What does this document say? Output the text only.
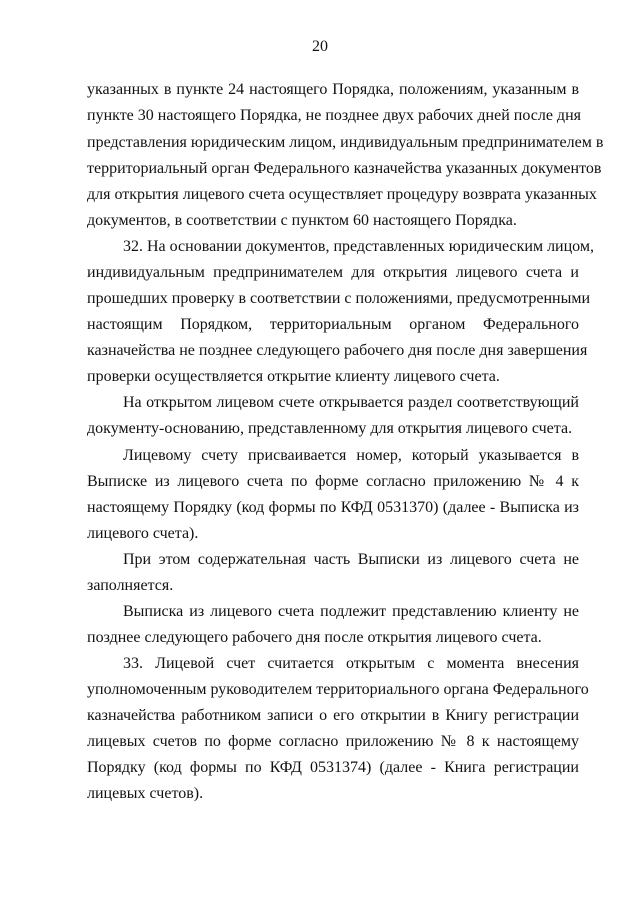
20
указанных в пункте 24 настоящего Порядка, положениям, указанным в
пункте 30 настоящего Порядка, не позднее двух рабочих дней после дня
представления юридическим лицом, индивидуальным предпринимателем в
территориальный орган Федерального казначейства указанных документов
для открытия лицевого счета осуществляет процедуру возврата указанных
документов, в соответствии с пунктом 60 настоящего Порядка.
32. На основании документов, представленных юридическим лицом,
индивидуальным предпринимателем для открытия лицевого счета и
прошедших проверку в соответствии с положениями, предусмотренными
настоящим Порядком, территориальным органом Федерального
казначейства не позднее следующего рабочего дня после дня завершения
проверки осуществляется открытие клиенту лицевого счета.
На открытом лицевом счете открывается раздел соответствующий
документу-основанию, представленному для открытия лицевого счета.
Лицевому счету присваивается номер, который указывается в
Выписке из лицевого счета по форме согласно приложению № 4 к
настоящему Порядку (код формы по КФД 0531370) (далее - Выписка из
лицевого счета).
При этом содержательная часть Выписки из лицевого счета не
заполняется.
Выписка из лицевого счета подлежит представлению клиенту не
позднее следующего рабочего дня после открытия лицевого счета.
33. Лицевой счет считается открытым с момента внесения
уполномоченным руководителем территориального органа Федерального
казначейства работником записи о его открытии в Книгу регистрации
лицевых счетов по форме согласно приложению № 8 к настоящему
Порядку (код формы по КФД 0531374) (далее - Книга регистрации
лицевых счетов).
